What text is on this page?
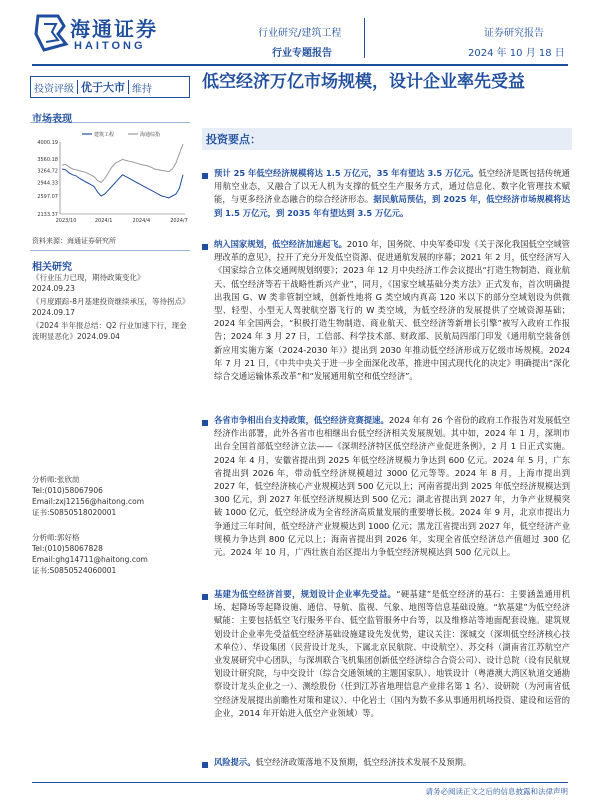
海通证券
HAITONG
行业研究/建筑工程
行业专题报告
证券研究报告
2024 年 10 月 18 日
投资评级 优于大市 维持	低空经济万亿市场规模，设计企业率先受益
市场表现
4000.19
3560.18
3264.72
2944.33
2597.07
2133.37
2023/10	2024/1	2024/4	2024/7
建筑工程	海通综指
资料来源：海通证券研究所
相关研究
《行业压力已现，期待政策变化》
2024.09.23
《月度跟踪-8月基建投资继续承压，等待拐点》
2024.09.17
《2024 半年报总结：Q2 行业加速下行，现金流明显恶化》2024.09.04
分析师:张欣劼
Tel:(010)58067906
Email:zxj12156@haitong.com
证书:S0850518020001
分析师:郭好格
Tel:(010)58067828
Email:ghg14711@haitong.com
证书:S0850524060001
投资要点：
预计 25 年低空经济规模将达 1.5 万亿元，35 年有望达 3.5 万亿元。低空经济是既包括传统通用航空业态，又融合了以无人机为支撑的低空生产服务方式，通过信息化、数字化管理技术赋能，与更多经济业态融合的综合经济形态。据民航局预估，到 2025 年，低空经济市场规模将达到 1.5 万亿元，到 2035 年有望达到 3.5 万亿元。
纳入国家规划，低空经济加速起飞。2010 年，国务院、中央军委印发《关于深化我国低空空域管理改革的意见》，拉开了充分开发低空资源、促进通航发展的序幕；2021 年 2 月，低空经济写入《国家综合立体交通网规划纲要》；2023 年 12 月中央经济工作会议提出“打造生物制造、商业航天、低空经济等若干战略性新兴产业”，同月，《国家空域基础分类方法》正式发布，首次明确提出我国 G、W 类非管制空域，创新性地将 G 类空域内真高 120 米以下的部分空域划设为供微型、轻型、小型无人驾驶航空器飞行的 W 类空域，为低空经济的发展提供了空域资源基础；2024 年全国两会，“积极打造生物制造、商业航天、低空经济等新增长引擎”被写入政府工作报告；2024 年 3 月 27 日，工信部、科学技术部、财政部、民航局四部门印发《通用航空装备创新应用实施方案（2024-2030 年）》提出到 2030 年推动低空经济形成万亿级市场规模。2024 年 7 月 21 日，《中共中央关于进一步全面深化改革，推进中国式现代化的决定》明确提出“深化综合交通运输体系改革”和“发展通用航空和低空经济”。
各省市争相出台支持政策，低空经济竞赛提速。2024 年有 26 个省份的政府工作报告对发展低空经济作出部署，此外各省市也相继出台低空经济相关发展规划。其中如，2024 年 1 月，深圳市出台全国首部低空经济立法——《深圳经济特区低空经济产业促进条例》，2 月 1 日正式实施。2024 年 4 月，安徽省提出到 2025 年低空经济规模力争达到 600 亿元。2024 年 5 月，广东省提出到 2026 年，带动低空经济规模超过 3000 亿元等等。2024 年 8 月，上海市提出到 2027 年，低空经济核心产业规模达到 500 亿元以上；河南省提出到 2025 年低空经济规模达到 300 亿元，到 2027 年低空经济规模达到 500 亿元；湖北省提出到 2027 年，力争产业规模突破 1000 亿元，低空经济成为全省经济高质量发展的重要增长极。2024 年 9 月，北京市提出力争通过三年时间，低空经济产业规模达到 1000 亿元；黑龙江省提出到 2027 年，低空经济产业规模力争达到 800 亿元以上；海南省提出到 2026 年，实现全省低空经济总产值超过 300 亿元。2024 年 10 月，广西壮族自治区提出力争低空经济规模达到 500 亿元以上。
基建为低空经济首要，规划设计企业率先受益。“硬基建”是低空经济的基石：主要涵盖通用机场、起降场等起降设施、通信、导航、监视、气象、地图等信息基础设施。“软基建”为低空经济赋能：主要包括低空飞行服务平台、低空监管服务中台等，以及维修站等地面配套设施。建筑规划设计企业率先受益低空经济基础设施建设先发优势，建议关注：深城交（深圳低空经济核心技术单位）、华设集团（民营设计龙头，下属北京民航院、中设航空）、苏交科（湖南省江苏航空产业发展研究中心团队，与深圳联合飞机集团创新低空经济综合合资公司）、设计总院（设有民航规划设计研究院，与中交设计（综合交通领域的主题国家队）、地铁设计（粤港澳大湾区轨道交通勘察设计龙头企业之一）、测绘股份（任到江苏省地理信息产业排名第 1 名）、设研院（为河南省低空经济发展提出前瞻性对策和建议）、中化岩土（国内为数不多从事通用机场投资、建设和运营的企业，2014 年开始进入低空产业领域）等。
风险提示。低空经济政策落地不及预期，低空经济技术发展不及预期。
请务必阅读正文之后的信息披露和法律声明
